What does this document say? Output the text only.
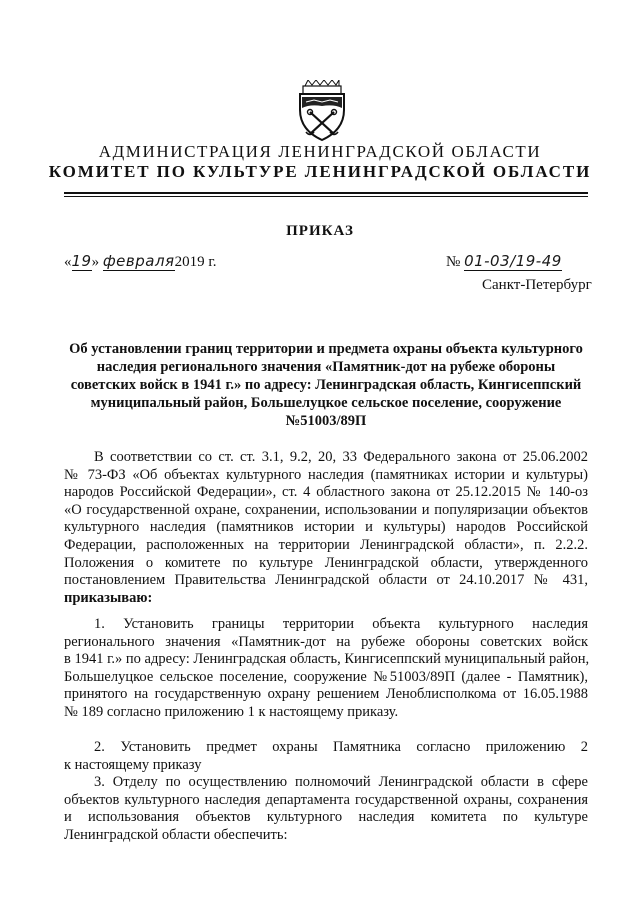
АДМИНИСТРАЦИЯ ЛЕНИНГРАДСКОЙ ОБЛАСТИ
КОМИТЕТ ПО КУЛЬТУРЕ ЛЕНИНГРАДСКОЙ ОБЛАСТИ
ПРИКАЗ
«19» февраля2019 г.	№ 01-03/19-49
Санкт-Петербург
Об установлении границ территории и предмета охраны объекта культурного
наследия регионального значения «Памятник-дот на рубеже обороны
советских войск в 1941 г.» по адресу: Ленинградская область, Кингисеппский
муниципальный район, Большелуцкое сельское поселение, сооружение
№51003/89П
В соответствии со ст. ст. 3.1, 9.2, 20, 33 Федерального закона от 25.06.2002
№ 73-ФЗ «Об объектах культурного наследия (памятниках истории и культуры)
народов Российской Федерации», ст. 4 областного закона от 25.12.2015 № 140-оз
«О государственной охране, сохранении, использовании и популяризации объектов
культурного наследия (памятников истории и культуры) народов Российской
Федерации, расположенных на территории Ленинградской области», п. 2.2.2.
Положения о комитете по культуре Ленинградской области, утвержденного
постановлением Правительства Ленинградской области от 24.10.2017 № 431,
приказываю:
1. Установить границы территории объекта культурного наследия
регионального значения «Памятник-дот на рубеже обороны советских войск
в 1941 г.» по адресу: Ленинградская область, Кингисеппский муниципальный район,
Большелуцкое сельское поселение, сооружение №51003/89П (далее - Памятник),
принятого на государственную охрану решением Леноблисполкома от 16.05.1988
№ 189 согласно приложению 1 к настоящему приказу.
2. Установить предмет охраны Памятника согласно приложению 2
к настоящему приказу
3. Отделу по осуществлению полномочий Ленинградской области в сфере
объектов культурного наследия департамента государственной охраны, сохранения
и использования объектов культурного наследия комитета по культуре
Ленинградской области обеспечить:
